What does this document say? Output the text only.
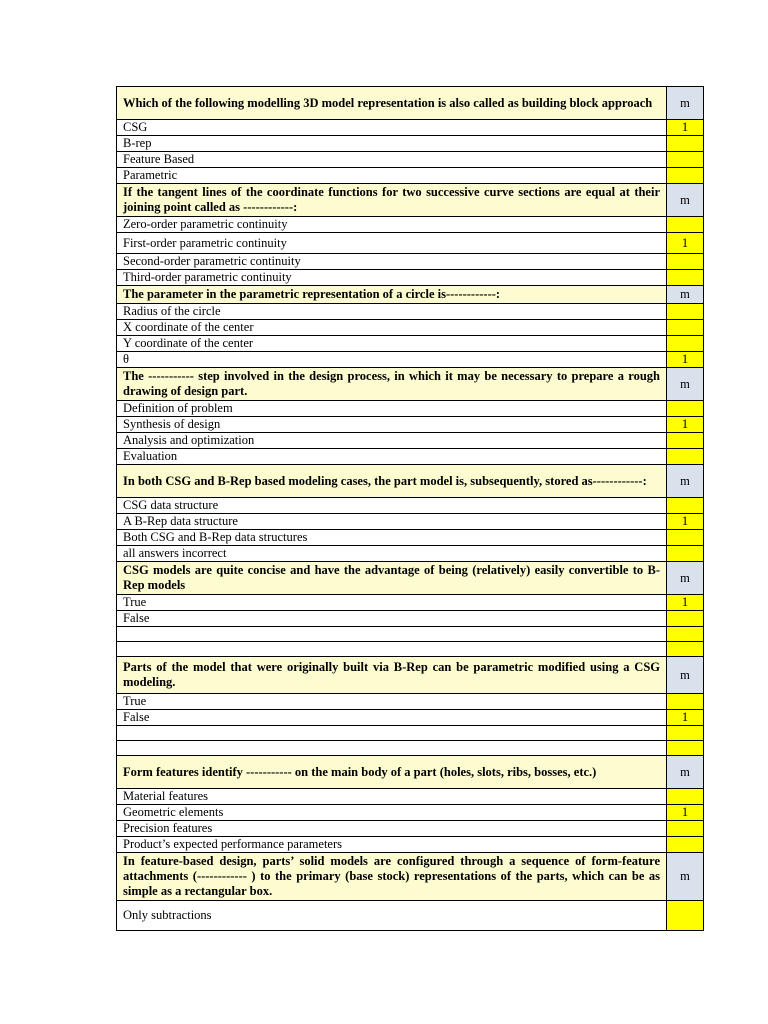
Which of the following modelling 3D model representation is also called as building block approach	m
CSG	1
B-rep	
Feature Based	
Parametric	
If the tangent lines of the coordinate functions for two successive curve sections are equal at their joining point called as ------------:	m
Zero-order parametric continuity	
First-order parametric continuity	1
Second-order parametric continuity	
Third-order parametric continuity	
The parameter in the parametric representation of a circle is------------:	m
Radius of the circle	
X coordinate of the center	
Y coordinate of the center	
θ	1
The ----------- step involved in the design process, in which it may be necessary to prepare a rough drawing of design part.	m
Definition of problem	
Synthesis of design	1
Analysis and optimization	
Evaluation	
In both CSG and B-Rep based modeling cases, the part model is, subsequently, stored as------------:	m
CSG data structure	
A B-Rep data structure	1
Both CSG and B-Rep data structures	
all answers incorrect	
CSG models are quite concise and have the advantage of being (relatively) easily convertible to B-Rep models	m
True	1
False	

Parts of the model that were originally built via B-Rep can be parametric modified using a CSG modeling.	m
True	
False	1

Form features identify ----------- on the main body of a part (holes, slots, ribs, bosses, etc.)	m
Material features	
Geometric elements	1
Precision features	
Product’s expected performance parameters	
In feature-based design, parts’ solid models are configured through a sequence of form-feature attachments (------------ ) to the primary (base stock) representations of the parts, which can be as simple as a rectangular box.	m
Only subtractions	
